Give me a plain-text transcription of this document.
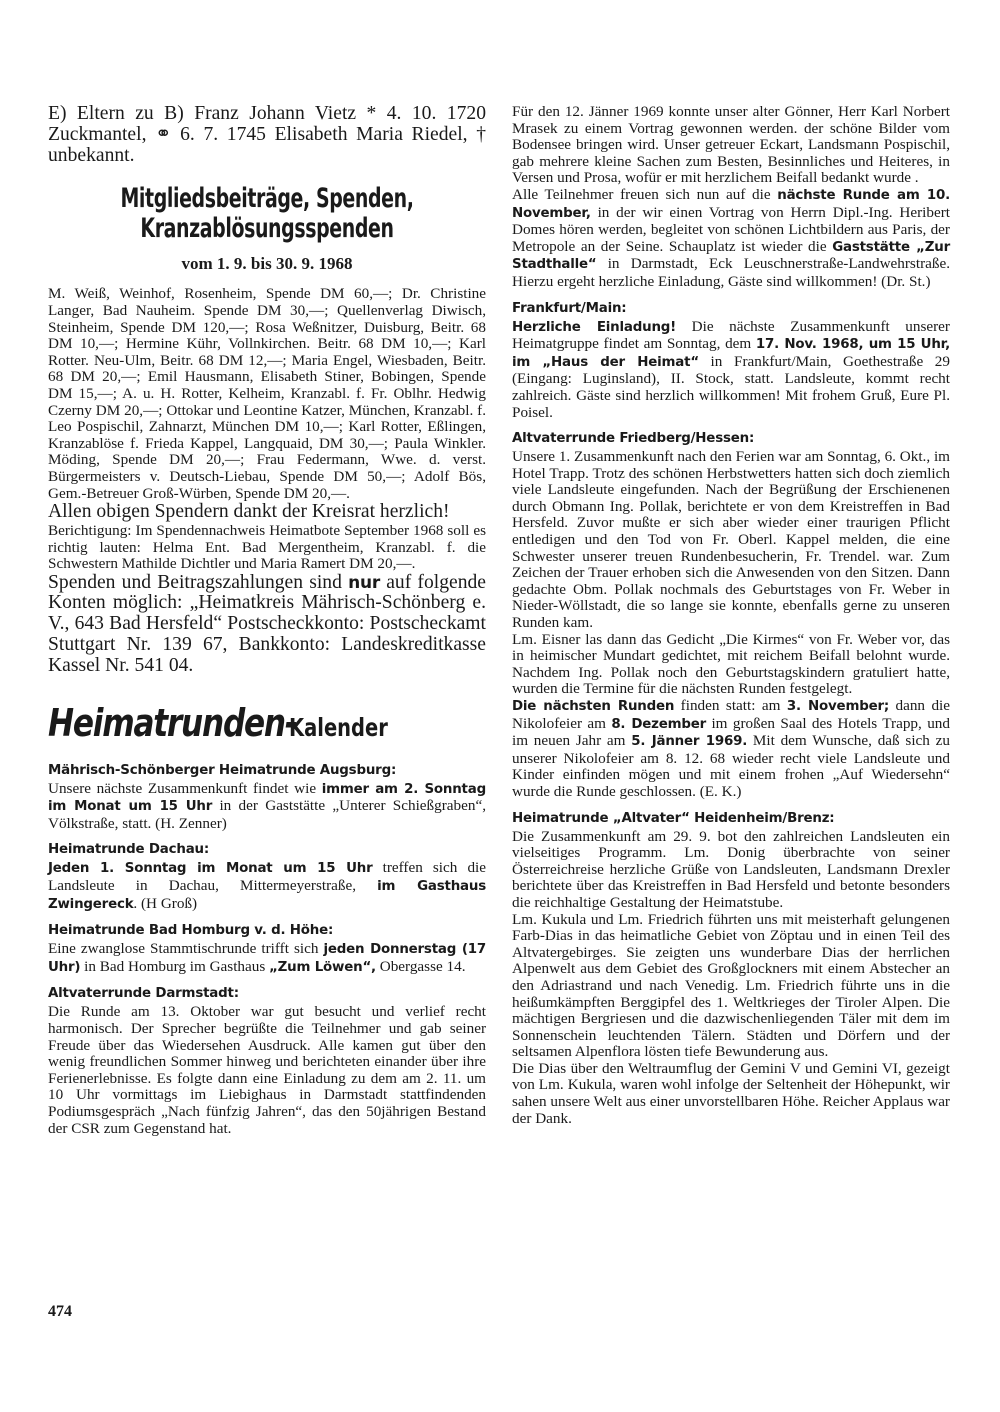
E) Eltern zu B) Franz Johann Vietz * 4. 10. 1720 Zuckmantel, ⚭ 6. 7. 1745 Elisabeth Maria Riedel, † unbekannt.

Mitgliedsbeiträge, Spenden, Kranzablösungsspenden
vom 1. 9. bis 30. 9. 1968

M. Weiß, Weinhof, Rosenheim, Spende DM 60,—; Dr. Christine Langer, Bad Nauheim. Spende DM 30,—; Quellenverlag Diwisch, Steinheim, Spende DM 120,—; Rosa Weßnitzer, Duisburg, Beitr. 68 DM 10,—; Hermine Kühr, Vollnkirchen. Beitr. 68 DM 10,—; Karl Rotter. Neu-Ulm, Beitr. 68 DM 12,—; Maria Engel, Wiesbaden, Beitr. 68 DM 20,—; Emil Hausmann, Elisabeth Stiner, Bobingen, Spende DM 15,—; A. u. H. Rotter, Kelheim, Kranzabl. f. Fr. Oblhr. Hedwig Czerny DM 20,—; Ottokar und Leontine Katzer, München, Kranzabl. f. Leo Pospischil, Zahnarzt, München DM 10,—; Karl Rotter, Eßlingen, Kranzablöse f. Frieda Kappel, Langquaid, DM 30,—; Paula Winkler. Möding, Spende DM 20,—; Frau Federmann, Wwe. d. verst. Bürgermeisters v. Deutsch-Liebau, Spende DM 50,—; Adolf Bös, Gem.-Betreuer Groß-Würben, Spende DM 20,—.

Allen obigen Spendern dankt der Kreisrat herzlich!

Berichtigung: Im Spendennachweis Heimatbote September 1968 soll es richtig lauten: Helma Ent. Bad Mergentheim, Kranzabl. f. die Schwestern Mathilde Dichtler und Maria Ramert DM 20,—.

Spenden und Beitragszahlungen sind nur auf folgende Konten möglich: „Heimatkreis Mährisch-Schönberg e. V., 643 Bad Hersfeld“ Postscheckkonto: Postscheckamt Stuttgart Nr. 139 67, Bankkonto: Landeskreditkasse Kassel Nr. 541 04.

Heimatrunden-Kalender
Mährisch-Schönberger Heimatrunde Augsburg:

Unsere nächste Zusammenkunft findet wie immer am 2. Sonntag im Monat um 15 Uhr in der Gaststätte „Unterer Schießgraben“, Völkstraße, statt. (H. Zenner)

Heimatrunde Dachau:

Jeden 1. Sonntag im Monat um 15 Uhr treffen sich die Landsleute in Dachau, Mittermeyerstraße, im Gasthaus Zwingereck. (H Groß)

Heimatrunde Bad Homburg v. d. Höhe:

Eine zwanglose Stammtischrunde trifft sich jeden Donnerstag (17 Uhr) in Bad Homburg im Gasthaus „Zum Löwen“, Obergasse 14.

Altvaterrunde Darmstadt:

Die Runde am 13. Oktober war gut besucht und verlief recht harmonisch. Der Sprecher begrüßte die Teilnehmer und gab seiner Freude über das Wiedersehen Ausdruck. Alle kamen gut über den wenig freundlichen Sommer hinweg und berichteten einander über ihre Ferienerlebnisse. Es folgte dann eine Einladung zu dem am 2. 11. um 10 Uhr vormittags im Liebighaus in Darmstadt stattfindenden Podiumsgespräch „Nach fünfzig Jahren“, das den 50jährigen Bestand der CSR zum Gegenstand hat.

Für den 12. Jänner 1969 konnte unser alter Gönner, Herr Karl Norbert Mrasek zu einem Vortrag gewonnen werden. der schöne Bilder vom Bodensee bringen wird. Unser getreuer Eckart, Landsmann Pospischil, gab mehrere kleine Sachen zum Besten, Besinnliches und Heiteres, in Versen und Prosa, wofür er mit herzlichem Beifall bedankt wurde .

Alle Teilnehmer freuen sich nun auf die nächste Runde am 10. November, in der wir einen Vortrag von Herrn Dipl.-Ing. Heribert Domes hören werden, begleitet von schönen Lichtbildern aus Paris, der Metropole an der Seine. Schauplatz ist wieder die Gaststätte „Zur Stadthalle“ in Darmstadt, Eck Leuschnerstraße-Landwehrstraße. Hierzu ergeht herzliche Einladung, Gäste sind willkommen! (Dr. St.)

Frankfurt/Main:

Herzliche Einladung! Die nächste Zusammenkunft unserer Heimatgruppe findet am Sonntag, dem 17. Nov. 1968, um 15 Uhr, im „Haus der Heimat“ in Frankfurt/Main, Goethestraße 29 (Eingang: Luginsland), II. Stock, statt. Landsleute, kommt recht zahlreich. Gäste sind herzlich willkommen! Mit frohem Gruß, Eure Pl. Poisel.

Altvaterrunde Friedberg/Hessen:

Unsere 1. Zusammenkunft nach den Ferien war am Sonntag, 6. Okt., im Hotel Trapp. Trotz des schönen Herbstwetters hatten sich doch ziemlich viele Landsleute eingefunden. Nach der Begrüßung der Erschienenen durch Obmann Ing. Pollak, berichtete er von dem Kreistreffen in Bad Hersfeld. Zuvor mußte er sich aber wieder einer traurigen Pflicht entledigen und den Tod von Fr. Oberl. Kappel melden, die eine Schwester unserer treuen Rundenbesucherin, Fr. Trendel. war. Zum Zeichen der Trauer erhoben sich die Anwesenden von den Sitzen. Dann gedachte Obm. Pollak nochmals des Geburtstages von Fr. Weber in Nieder-Wöllstadt, die so lange sie konnte, ebenfalls gerne zu unseren Runden kam.

Lm. Eisner las dann das Gedicht „Die Kirmes“ von Fr. Weber vor, das in heimischer Mundart gedichtet, mit reichem Beifall belohnt wurde. Nachdem Ing. Pollak noch den Geburtstagskindern gratuliert hatte, wurden die Termine für die nächsten Runden festgelegt.

Die nächsten Runden finden statt: am 3. November; dann die Nikolofeier am 8. Dezember im großen Saal des Hotels Trapp, und im neuen Jahr am 5. Jänner 1969. Mit dem Wunsche, daß sich zu unserer Nikolofeier am 8. 12. 68 wieder recht viele Landsleute und Kinder einfinden mögen und mit einem frohen „Auf Wiedersehn“ wurde die Runde geschlossen. (E. K.)

Heimatrunde „Altvater“ Heidenheim/Brenz:

Die Zusammenkunft am 29. 9. bot den zahlreichen Landsleuten ein vielseitiges Programm. Lm. Donig überbrachte von seiner Österreichreise herzliche Grüße von Landsleuten, Landsmann Drexler berichtete über das Kreistreffen in Bad Hersfeld und betonte besonders die reichhaltige Gestaltung der Heimatstube.

Lm. Kukula und Lm. Friedrich führten uns mit meisterhaft gelungenen Farb-Dias in das heimatliche Gebiet von Zöptau und in einen Teil des Altvatergebirges. Sie zeigten uns wunderbare Dias der herrlichen Alpenwelt aus dem Gebiet des Großglockners mit einem Abstecher an den Adriastrand und nach Venedig. Lm. Friedrich führte uns in die heißumkämpften Berggipfel des 1. Weltkrieges der Tiroler Alpen. Die mächtigen Bergriesen und die dazwischenliegenden Täler mit dem im Sonnenschein leuchtenden Tälern. Städten und Dörfern und der seltsamen Alpenflora lösten tiefe Bewunderung aus.

Die Dias über den Weltraumflug der Gemini V und Gemini VI, gezeigt von Lm. Kukula, waren wohl infolge der Seltenheit der Höhepunkt, wir sahen unsere Welt aus einer unvorstellbaren Höhe. Reicher Applaus war der Dank.

474
